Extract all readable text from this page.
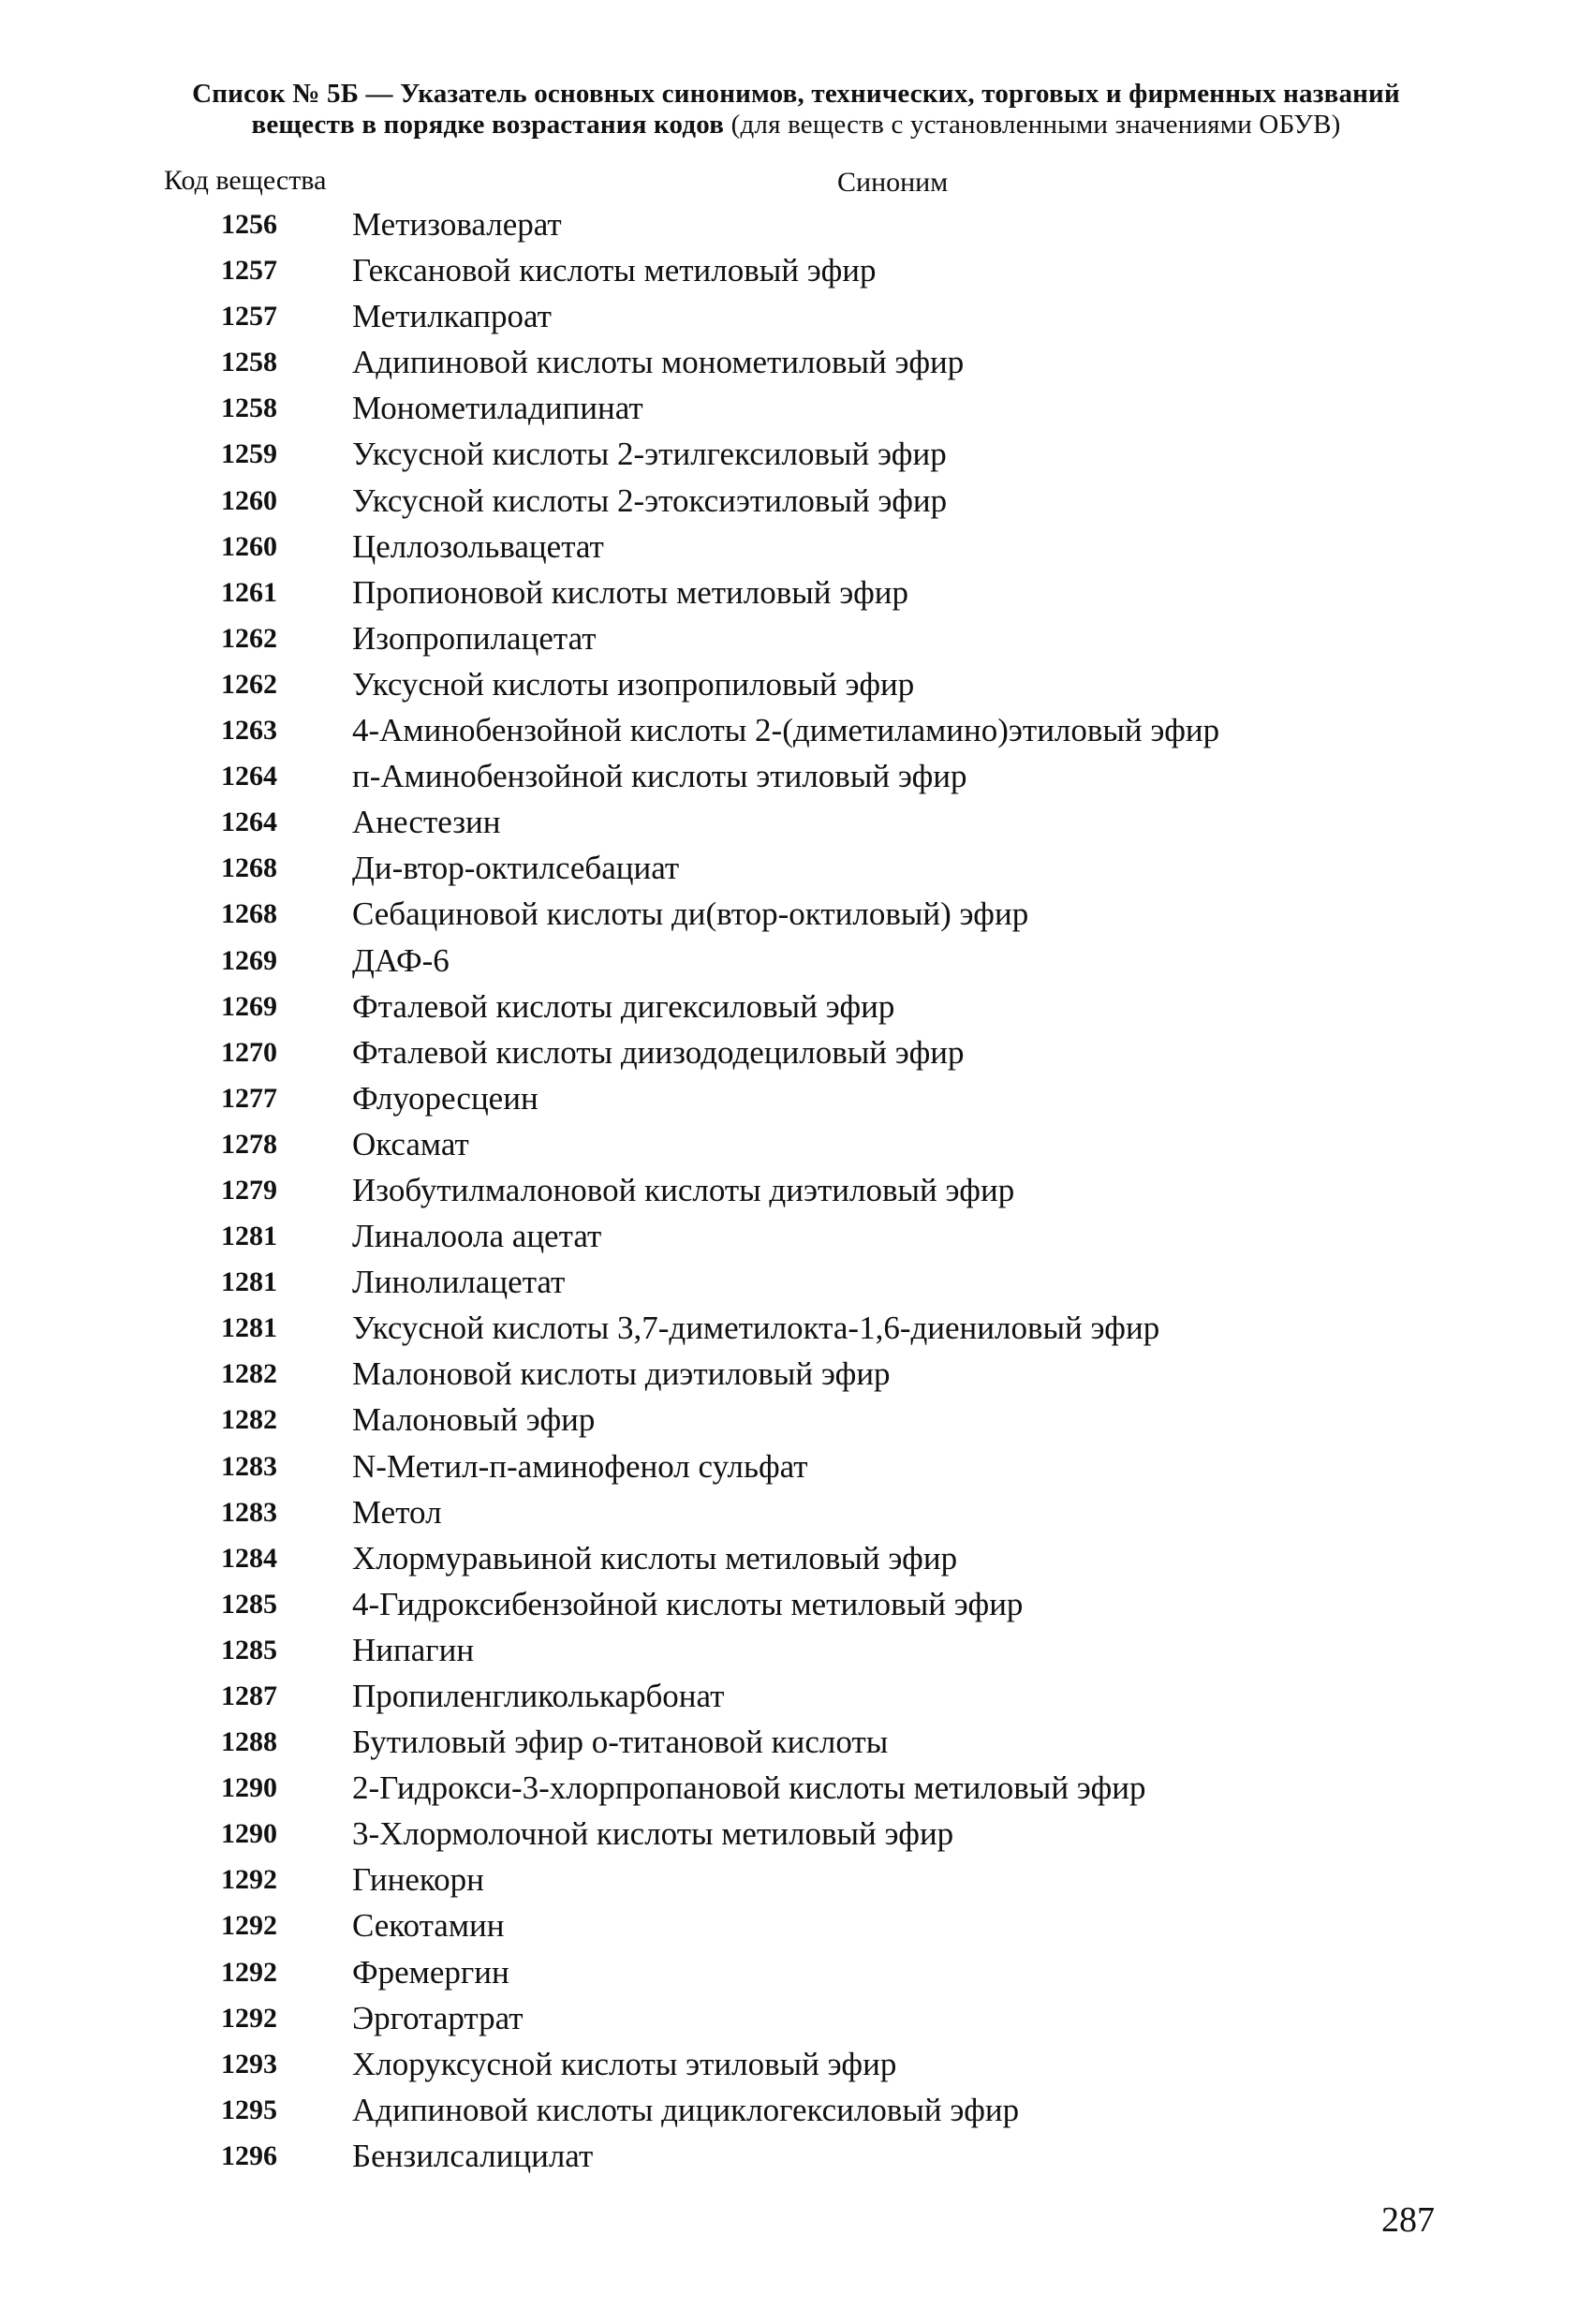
Список № 5Б — Указатель основных синонимов, технических, торговых и фирменных названий
веществ в порядке возрастания кодов (для веществ с установленными значениями ОБУВ)
Код вещества	Синоним
1256	Метизовалерат
1257	Гексановой кислоты метиловый эфир
1257	Метилкапроат
1258	Адипиновой кислоты монометиловый эфир
1258	Монометиладипинат
1259	Уксусной кислоты 2-этилгексиловый эфир
1260	Уксусной кислоты 2-этоксиэтиловый эфир
1260	Целлозольвацетат
1261	Пропионовой кислоты метиловый эфир
1262	Изопропилацетат
1262	Уксусной кислоты изопропиловый эфир
1263	4-Аминобензойной кислоты 2-(диметиламино)этиловый эфир
1264	п-Аминобензойной кислоты этиловый эфир
1264	Анестезин
1268	Ди-втор-октилсебациат
1268	Себациновой кислоты ди(втор-октиловый) эфир
1269	ДАФ-6
1269	Фталевой кислоты дигексиловый эфир
1270	Фталевой кислоты диизододециловый эфир
1277	Флуоресцеин
1278	Оксамат
1279	Изобутилмалоновой кислоты диэтиловый эфир
1281	Линалоола ацетат
1281	Линолилацетат
1281	Уксусной кислоты 3,7-диметилокта-1,6-диениловый эфир
1282	Малоновой кислоты диэтиловый эфир
1282	Малоновый эфир
1283	N-Метил-п-аминофенол сульфат
1283	Метол
1284	Хлормуравьиной кислоты метиловый эфир
1285	4-Гидроксибензойной кислоты метиловый эфир
1285	Нипагин
1287	Пропиленгликолькарбонат
1288	Бутиловый эфир о-титановой кислоты
1290	2-Гидрокси-3-хлорпропановой кислоты метиловый эфир
1290	3-Хлормолочной кислоты метиловый эфир
1292	Гинекорн
1292	Секотамин
1292	Фремергин
1292	Эрготартрат
1293	Хлоруксусной кислоты этиловый эфир
1295	Адипиновой кислоты дициклогексиловый эфир
1296	Бензилсалицилат
287
